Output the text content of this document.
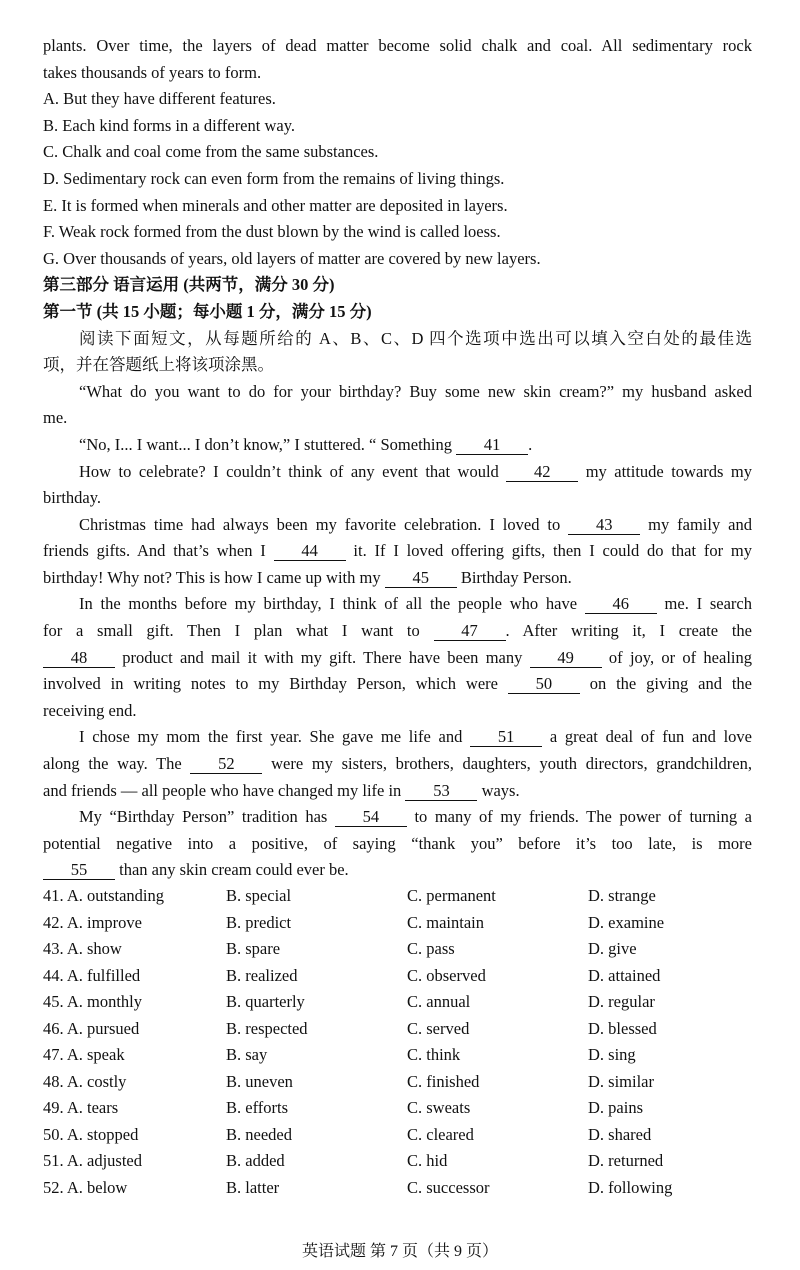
plants. Over time, the layers of dead matter become solid chalk and coal. All sedimentary rock
takes thousands of years to form.
A. But they have different features.
B. Each kind forms in a different way.
C. Chalk and coal come from the same substances.
D. Sedimentary rock can even form from the remains of living things.
E. It is formed when minerals and other matter are deposited in layers.
F. Weak rock formed from the dust blown by the wind is called loess.
G. Over thousands of years, old layers of matter are covered by new layers.
第三部分 语言运用 (共两节，满分 30 分)
第一节 (共 15 小题；每小题 1 分，满分 15 分)
阅读下面短文，从每题所给的 A、B、C、D 四个选项中选出可以填入空白处的最佳选
项，并在答题纸上将该项涂黑。
“What do you want to do for your birthday? Buy some new skin cream?” my husband asked
me.
“No, I... I want... I don’t know,” I stuttered. “ Something 41 .
How to celebrate? I couldn’t think of any event that would 42 my attitude towards my
birthday.
Christmas time had always been my favorite celebration. I loved to 43 my family and
friends gifts. And that’s when I 44 it. If I loved offering gifts, then I could do that for my
birthday! Why not? This is how I came up with my 45 Birthday Person.
In the months before my birthday, I think of all the people who have 46 me. I search
for a small gift. Then I plan what I want to 47 . After writing it, I create the
48 product and mail it with my gift. There have been many 49 of joy, or of healing
involved in writing notes to my Birthday Person, which were 50 on the giving and the
receiving end.
I chose my mom the first year. She gave me life and 51 a great deal of fun and love
along the way. The 52 were my sisters, brothers, daughters, youth directors, grandchildren,
and friends — all people who have changed my life in 53 ways.
My “Birthday Person” tradition has 54 to many of my friends. The power of turning a
potential negative into a positive, of saying “thank you” before it’s too late, is more
55 than any skin cream could ever be.
41. A. outstanding	B. special	C. permanent	D. strange
42. A. improve	B. predict	C. maintain	D. examine
43. A. show	B. spare	C. pass	D. give
44. A. fulfilled	B. realized	C. observed	D. attained
45. A. monthly	B. quarterly	C. annual	D. regular
46. A. pursued	B. respected	C. served	D. blessed
47. A. speak	B. say	C. think	D. sing
48. A. costly	B. uneven	C. finished	D. similar
49. A. tears	B. efforts	C. sweats	D. pains
50. A. stopped	B. needed	C. cleared	D. shared
51. A. adjusted	B. added	C. hid	D. returned
52. A. below	B. latter	C. successor	D. following
英语试题 第 7 页（共 9 页）
